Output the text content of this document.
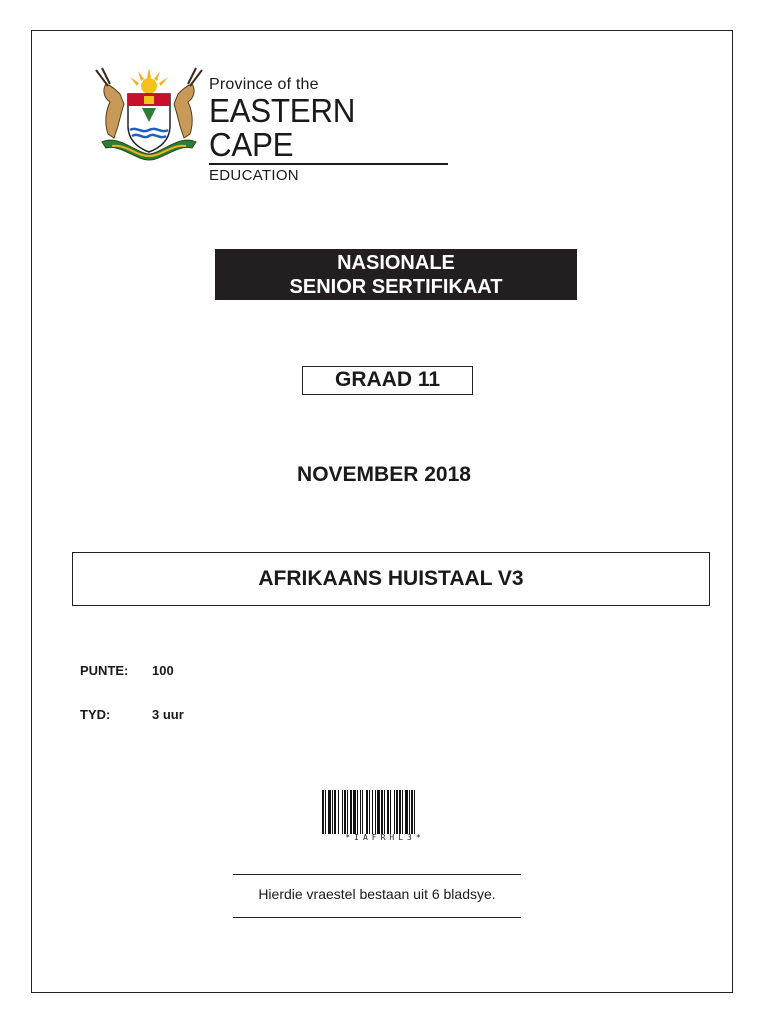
Province of the
EASTERN CAPE
EDUCATION
NASIONALE
SENIOR SERTIFIKAAT
GRAAD 11
NOVEMBER 2018
AFRIKAANS HUISTAAL V3
PUNTE: 100
TYD:	3 uur
*IAFRHL3*
Hierdie vraestel bestaan uit 6 bladsye.
